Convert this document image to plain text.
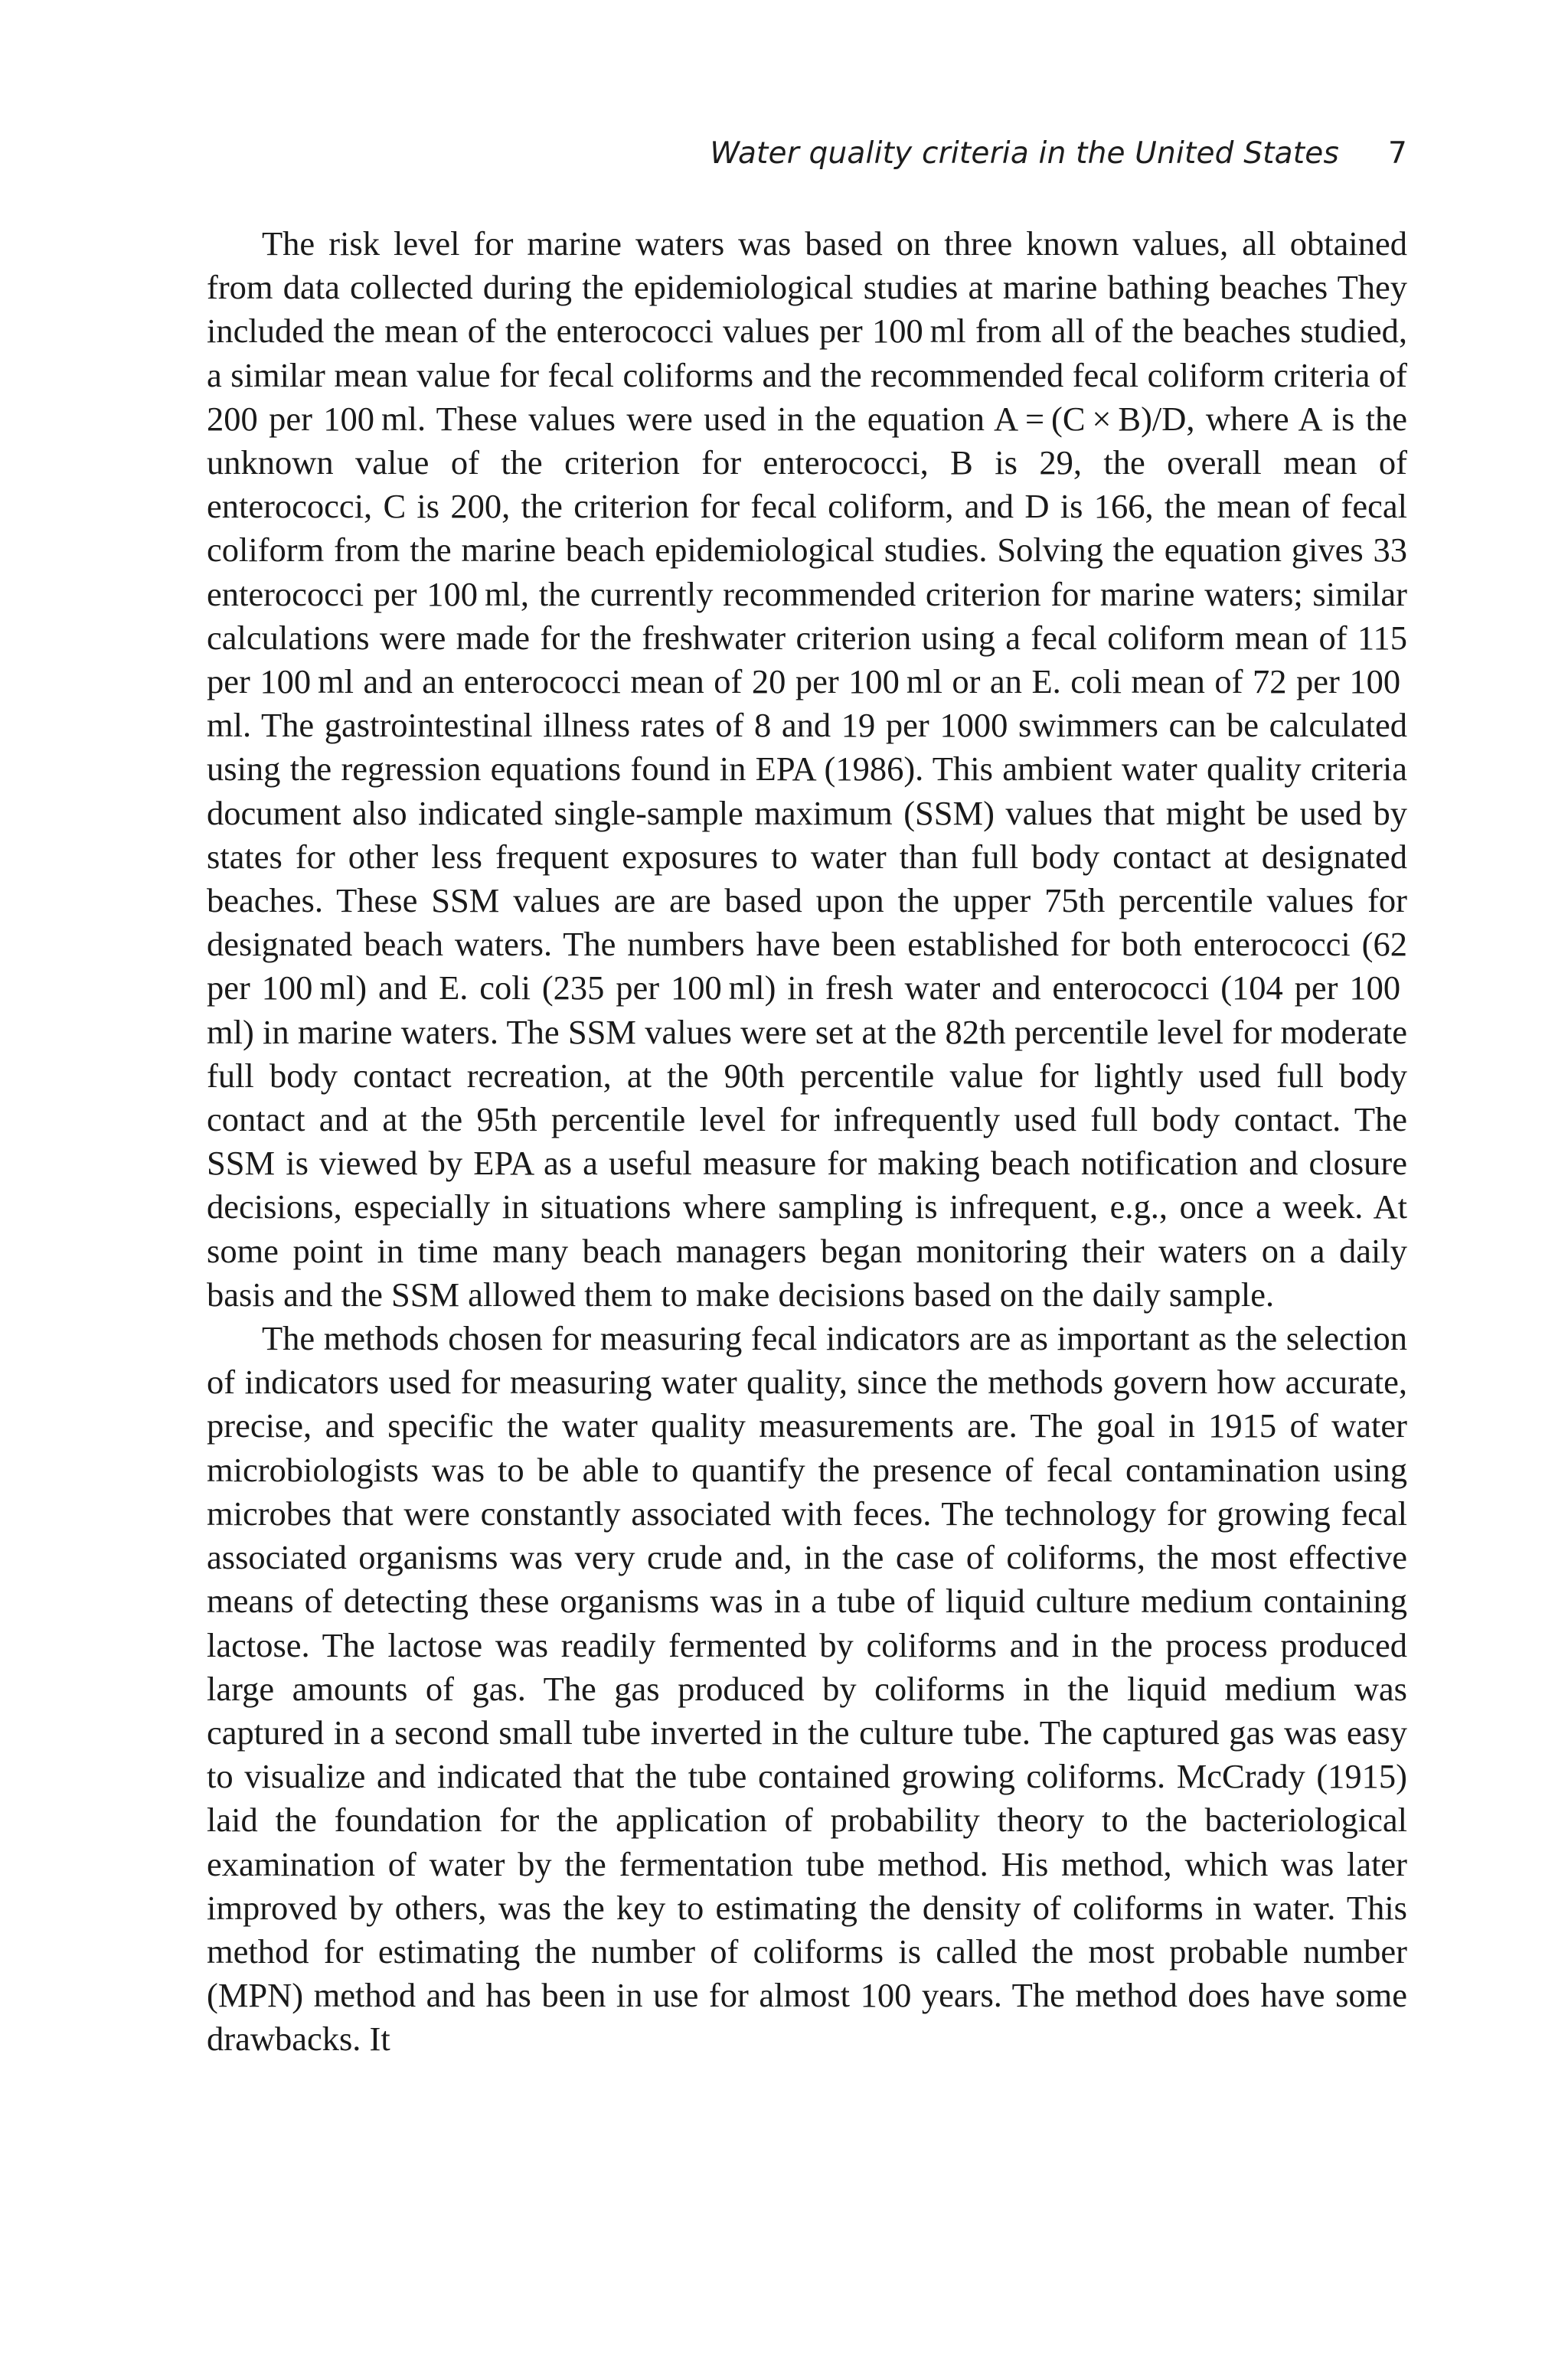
Water quality criteria in the United States 7

The risk level for marine waters was based on three known values, all obtained from data collected during the epidemiological studies at marine bathing beaches They included the mean of the enterococci values per 100 ml from all of the beaches studied, a similar mean value for fecal coliforms and the recommended fecal coliform criteria of 200 per 100 ml. These values were used in the equation A = (C × B)/D, where A is the unknown value of the criterion for enterococci, B is 29, the overall mean of enterococci, C is 200, the criterion for fecal coliform, and D is 166, the mean of fecal coliform from the marine beach epidemiological studies. Solving the equation gives 33 enterococci per 100 ml, the currently recommended criterion for marine waters; similar calculations were made for the freshwater criterion using a fecal coliform mean of 115 per 100 ml and an enterococci mean of 20 per 100 ml or an E. coli mean of 72 per 100 ml. The gastrointestinal illness rates of 8 and 19 per 1000 swimmers can be calculated using the regression equations found in EPA (1986). This ambient water quality criteria document also indicated single-sample maximum (SSM) values that might be used by states for other less frequent exposures to water than full body contact at designated beaches. These SSM values are are based upon the upper 75th percentile values for designated beach waters. The numbers have been established for both enterococci (62 per 100 ml) and E. coli (235 per 100 ml) in fresh water and enterococci (104 per 100 ml) in marine waters. The SSM values were set at the 82th percentile level for moderate full body contact recreation, at the 90th percentile value for lightly used full body contact and at the 95th percentile level for infrequently used full body contact. The SSM is viewed by EPA as a useful measure for making beach notification and closure decisions, especially in situations where sampling is infrequent, e.g., once a week. At some point in time many beach managers began monitoring their waters on a daily basis and the SSM allowed them to make decisions based on the daily sample.

The methods chosen for measuring fecal indicators are as important as the selection of indicators used for measuring water quality, since the methods govern how accurate, precise, and specific the water quality measurements are. The goal in 1915 of water microbiologists was to be able to quantify the presence of fecal contamination using microbes that were constantly associated with feces. The technology for growing fecal associated organisms was very crude and, in the case of coliforms, the most effective means of detecting these organisms was in a tube of liquid culture medium containing lactose. The lactose was readily fermented by coliforms and in the process produced large amounts of gas. The gas produced by coliforms in the liquid medium was captured in a second small tube inverted in the culture tube. The captured gas was easy to visualize and indicated that the tube contained growing coliforms. McCrady (1915) laid the foundation for the application of probability theory to the bacteriological examination of water by the fermentation tube method. His method, which was later improved by others, was the key to estimating the density of coliforms in water. This method for estimating the number of coliforms is called the most probable number (MPN) method and has been in use for almost 100 years. The method does have some drawbacks. It
